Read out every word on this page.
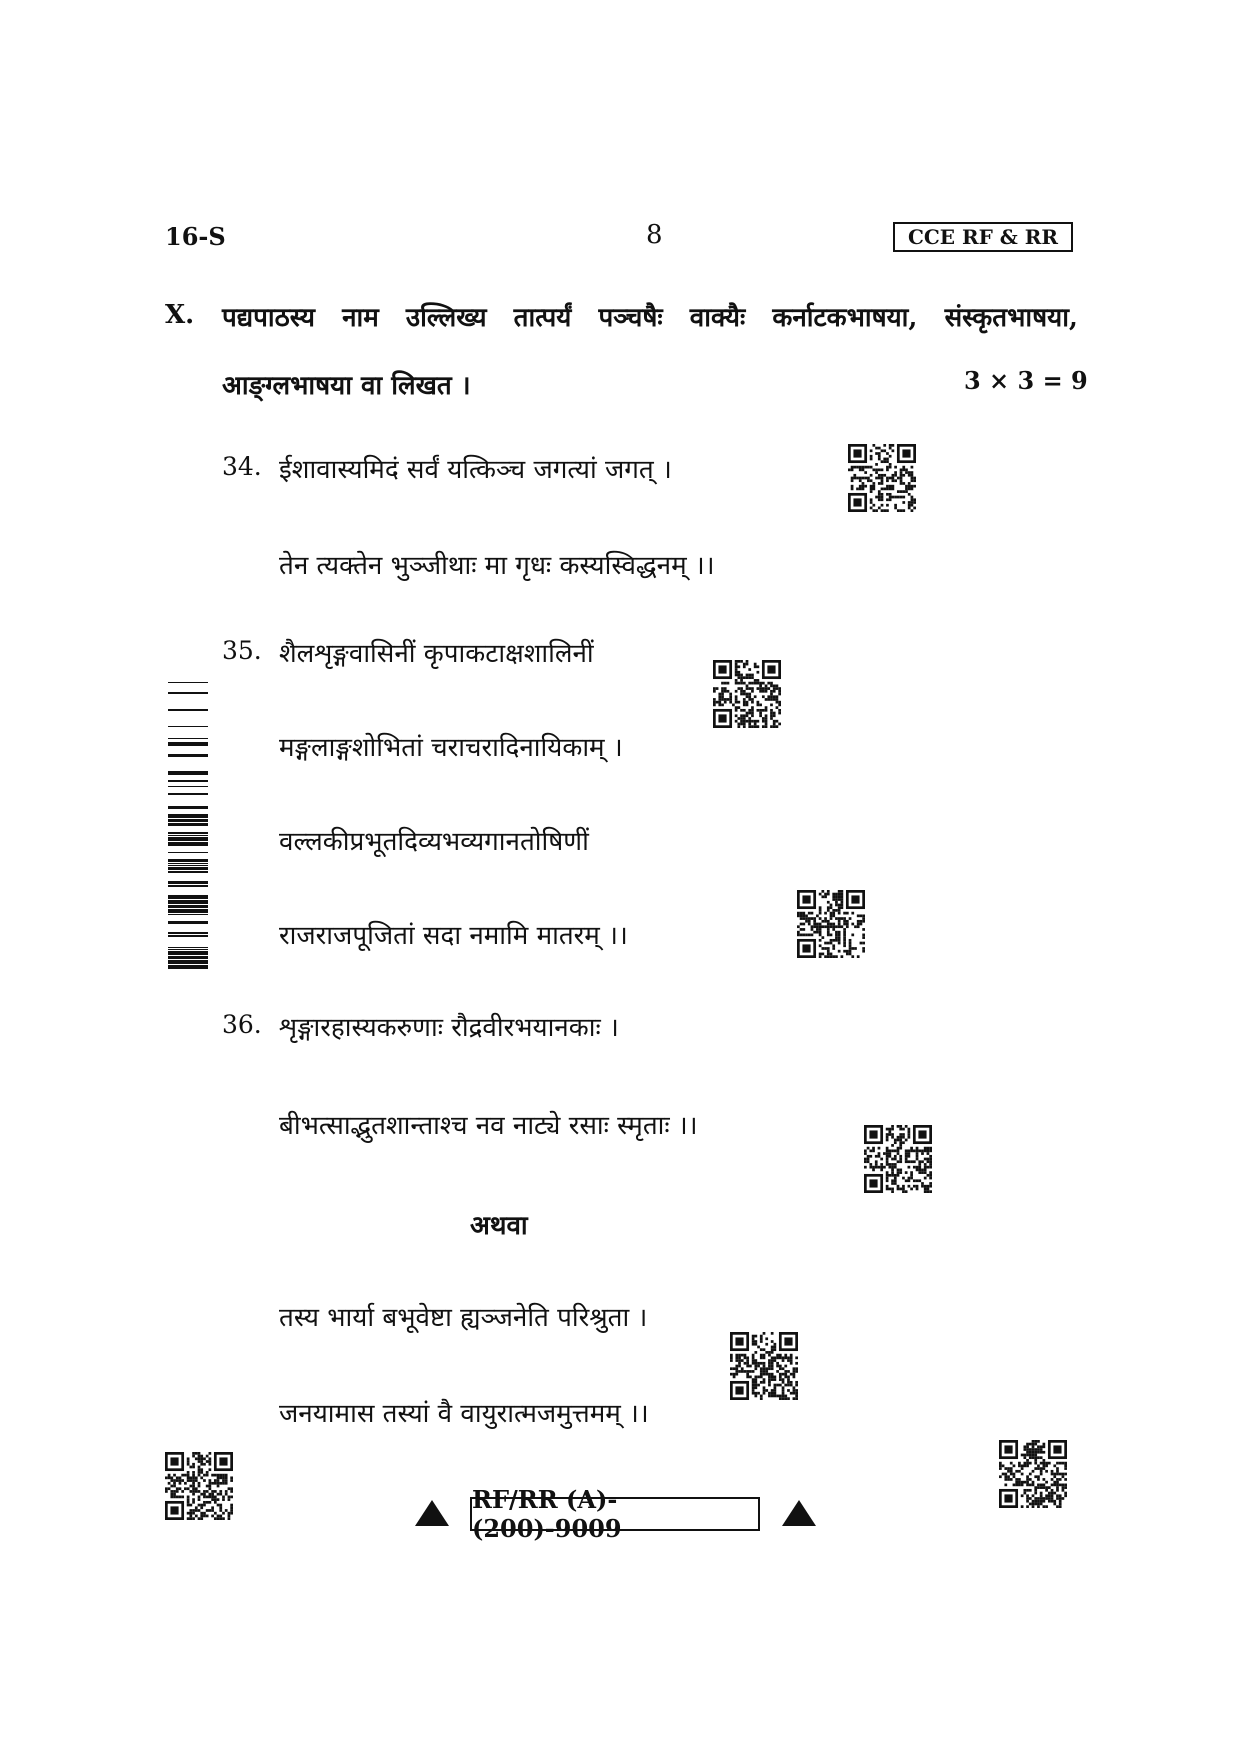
16-S	8	CCE RF & RR
X. पद्यपाठस्य नाम उल्लिख्य तात्पर्यं पञ्चषैः वाक्यैः कर्नाटकभाषया, संस्कृतभाषया,
आङ्ग्लभाषया वा लिखत ।	3 × 3 = 9
34. ईशावास्यमिदं सर्वं यत्किञ्च जगत्यां जगत् ।
तेन त्यक्तेन भुञ्जीथाः मा गृधः कस्यस्विद्धनम् ।।
35. शैलशृङ्गवासिनीं कृपाकटाक्षशालिनीं
मङ्गलाङ्गशोभितां चराचरादिनायिकाम् ।
वल्लकीप्रभूतदिव्यभव्यगानतोषिणीं
राजराजपूजितां सदा नमामि मातरम् ।।
36. शृङ्गारहास्यकरुणाः रौद्रवीरभयानकाः ।
बीभत्साद्भुतशान्ताश्च नव नाट्ये रसाः स्मृताः ।।
अथवा
तस्य भार्या बभूवेष्टा ह्यञ्जनेति परिश्रुता ।
जनयामास तस्यां वै वायुरात्मजमुत्तमम् ।।
RF/RR (A)-(200)-9009
